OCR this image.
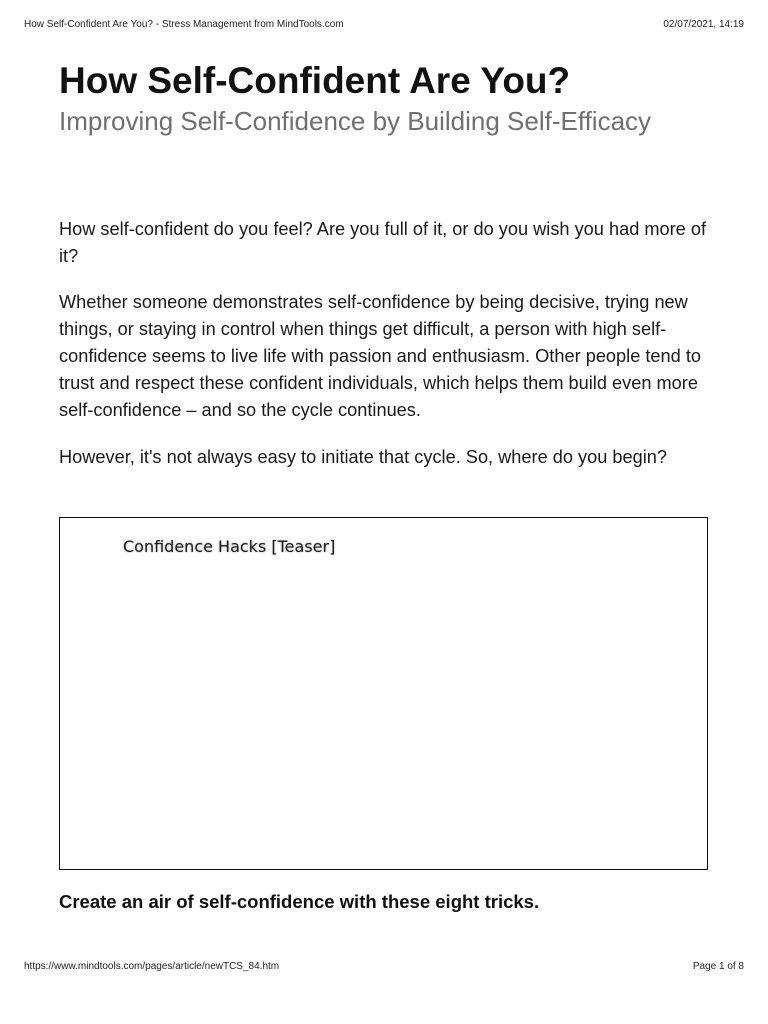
How Self-Confident Are You? - Stress Management from MindTools.com	02/07/2021, 14:19
How Self-Confident Are You?
Improving Self-Confidence by Building Self-Efficacy

How self-confident do you feel? Are you full of it, or do you wish you had more of it?

Whether someone demonstrates self-confidence by being decisive, trying new things, or staying in control when things get difficult, a person with high self-confidence seems to live life with passion and enthusiasm. Other people tend to trust and respect these confident individuals, which helps them build even more self-confidence – and so the cycle continues.

However, it's not always easy to initiate that cycle. So, where do you begin?

Confidence Hacks [Teaser]

Create an air of self-confidence with these eight tricks.

https://www.mindtools.com/pages/article/newTCS_84.htm	Page 1 of 8
